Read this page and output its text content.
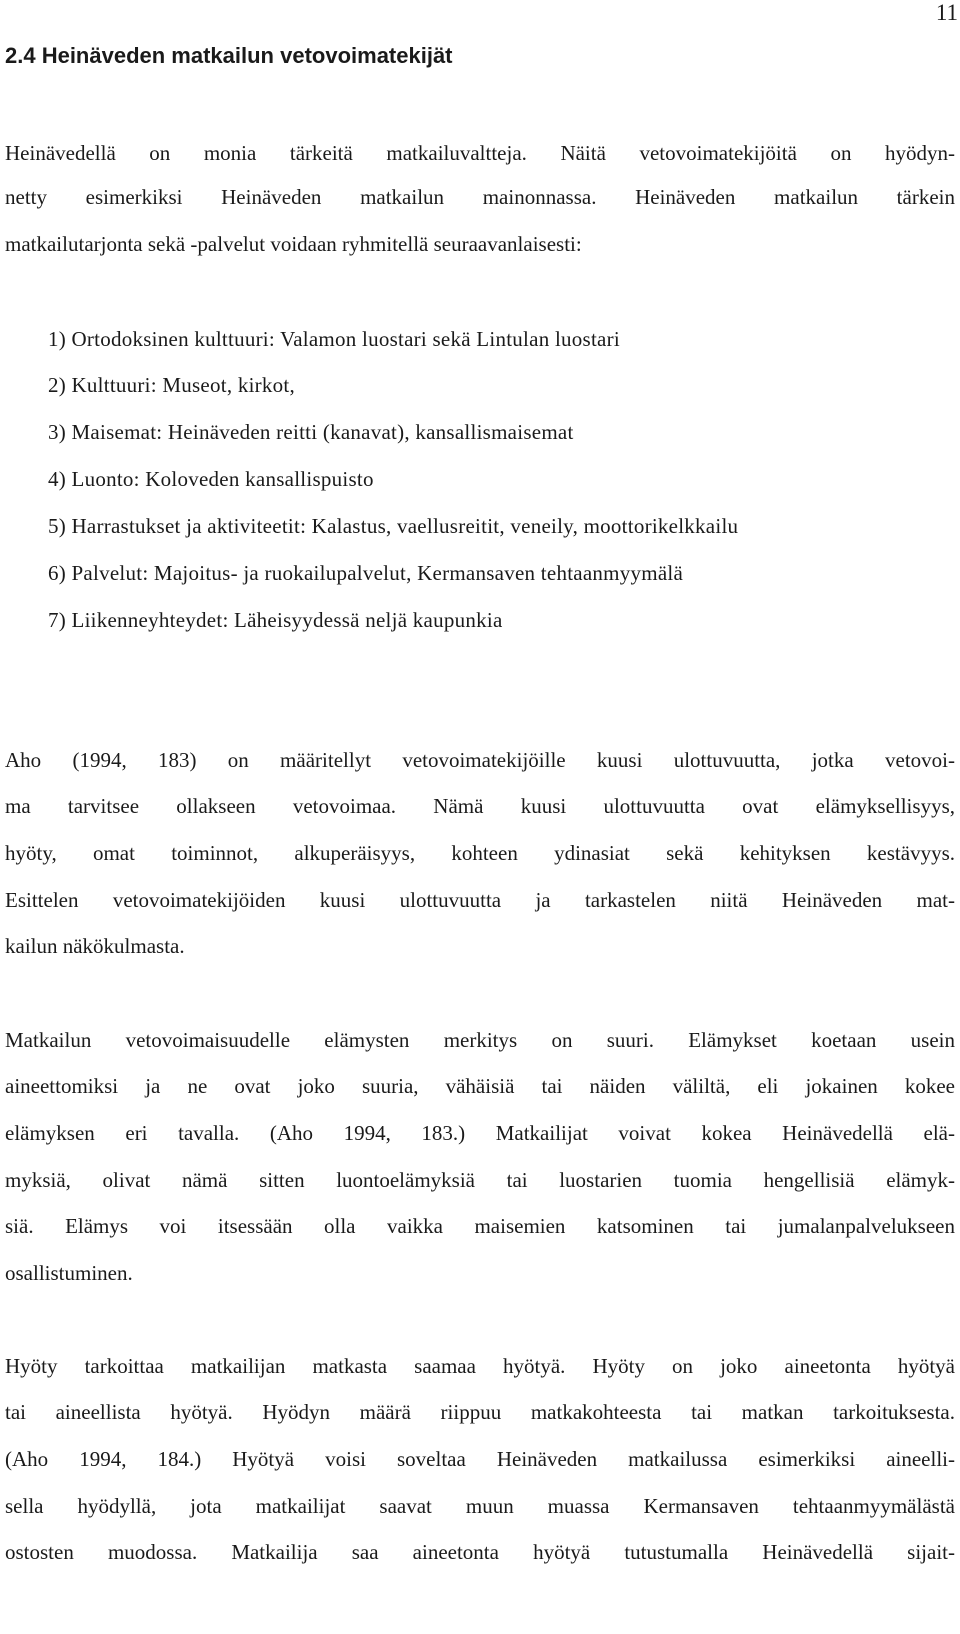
11
2.4 Heinäveden matkailun vetovoimatekijät
Heinävedellä on monia tärkeitä matkailuvaltteja. Näitä vetovoimatekijöitä on hyödyn-
netty esimerkiksi Heinäveden matkailun mainonnassa. Heinäveden matkailun tärkein
matkailutarjonta sekä -palvelut voidaan ryhmitellä seuraavanlaisesti:
1) Ortodoksinen kulttuuri: Valamon luostari sekä Lintulan luostari
2) Kulttuuri: Museot, kirkot,
3) Maisemat: Heinäveden reitti (kanavat), kansallismaisemat
4) Luonto: Koloveden kansallispuisto
5) Harrastukset ja aktiviteetit: Kalastus, vaellusreitit, veneily, moottorikelkkailu
6) Palvelut: Majoitus- ja ruokailupalvelut, Kermansaven tehtaanmyymälä
7) Liikenneyhteydet: Läheisyydessä neljä kaupunkia
Aho (1994, 183) on määritellyt vetovoimatekijöille kuusi ulottuvuutta, jotka vetovoi-
ma tarvitsee ollakseen vetovoimaa. Nämä kuusi ulottuvuutta ovat elämyksellisyys,
hyöty, omat toiminnot, alkuperäisyys, kohteen ydinasiat sekä kehityksen kestävyys.
Esittelen vetovoimatekijöiden kuusi ulottuvuutta ja tarkastelen niitä Heinäveden mat-
kailun näkökulmasta.
Matkailun vetovoimaisuudelle elämysten merkitys on suuri. Elämykset koetaan usein
aineettomiksi ja ne ovat joko suuria, vähäisiä tai näiden väliltä, eli jokainen kokee
elämyksen eri tavalla. (Aho 1994, 183.) Matkailijat voivat kokea Heinävedellä elä-
myksiä, olivat nämä sitten luontoelämyksiä tai luostarien tuomia hengellisiä elämyk-
siä. Elämys voi itsessään olla vaikka maisemien katsominen tai jumalanpalvelukseen
osallistuminen.
Hyöty tarkoittaa matkailijan matkasta saamaa hyötyä. Hyöty on joko aineetonta hyötyä
tai aineellista hyötyä. Hyödyn määrä riippuu matkakohteesta tai matkan tarkoituksesta.
(Aho 1994, 184.) Hyötyä voisi soveltaa Heinäveden matkailussa esimerkiksi aineelli-
sella hyödyllä, jota matkailijat saavat muun muassa Kermansaven tehtaanmyymälästä
ostosten muodossa. Matkailija saa aineetonta hyötyä tutustumalla Heinävedellä sijait-
